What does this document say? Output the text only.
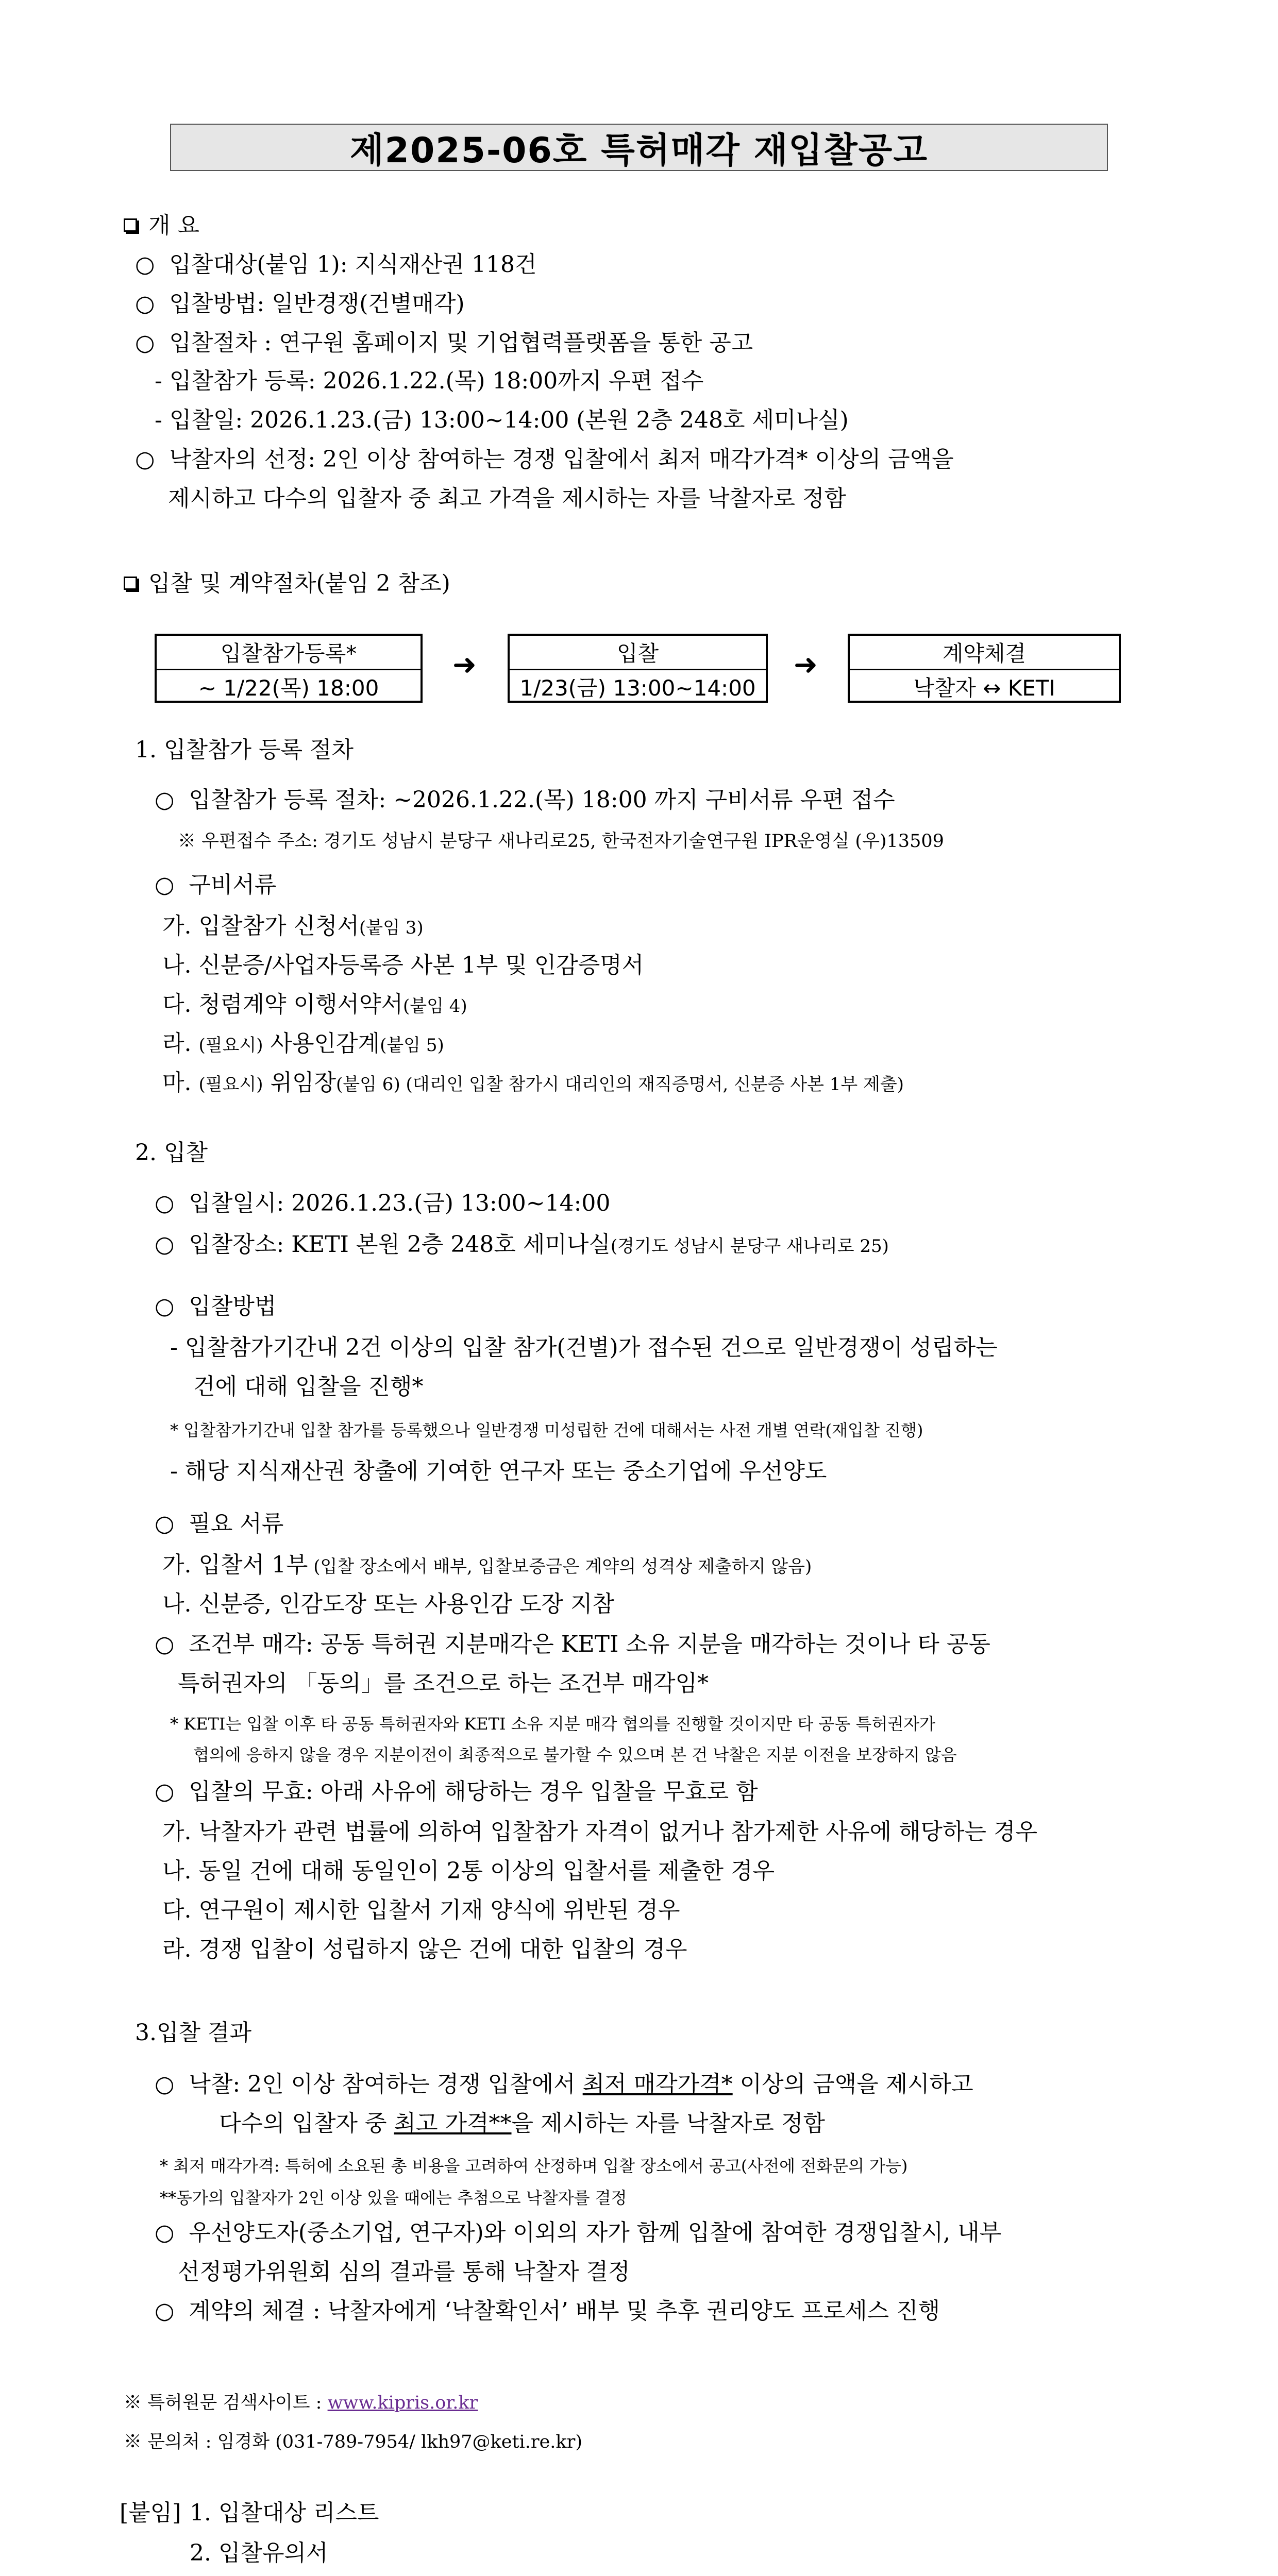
제2025-06호 특허매각 재입찰공고
개 요
○  입찰대상(붙임 1): 지식재산권 118건
○  입찰방법: 일반경쟁(건별매각)
○  입찰절차 : 연구원 홈페이지 및 기업협력플랫폼을 통한 공고
- 입찰참가 등록: 2026.1.22.(목) 18:00까지 우편 접수
- 입찰일: 2026.1.23.(금) 13:00~14:00 (본원 2층 248호 세미나실)
○  낙찰자의 선정: 2인 이상 참여하는 경쟁 입찰에서 최저 매각가격* 이상의 금액을
제시하고 다수의 입찰자 중 최고 가격을 제시하는 자를 낙찰자로 정함
입찰 및 계약절차(붙임 2 참조)
입찰참가등록*
~ 1/22(목) 18:00
➜	입찰
1/23(금) 13:00~14:00
➜	계약체결
낙찰자 ↔ KETI
1. 입찰참가 등록 절차
○  입찰참가 등록 절차: ~2026.1.22.(목) 18:00 까지 구비서류 우편 접수
※ 우편접수 주소: 경기도 성남시 분당구 새나리로25, 한국전자기술연구원 IPR운영실 (우)13509
○  구비서류
가. 입찰참가 신청서(붙임 3)
나. 신분증/사업자등록증 사본 1부 및 인감증명서
다. 청렴계약 이행서약서(붙임 4)
라. (필요시) 사용인감계(붙임 5)
마. (필요시) 위임장(붙임 6) (대리인 입찰 참가시 대리인의 재직증명서, 신분증 사본 1부 제출)
2. 입찰
○  입찰일시: 2026.1.23.(금) 13:00~14:00
○  입찰장소: KETI 본원 2층 248호 세미나실(경기도 성남시 분당구 새나리로 25)
○  입찰방법
- 입찰참가기간내 2건 이상의 입찰 참가(건별)가 접수된 건으로 일반경쟁이 성립하는
건에 대해 입찰을 진행*
* 입찰참가기간내 입찰 참가를 등록했으나 일반경쟁 미성립한 건에 대해서는 사전 개별 연락(재입찰 진행)
- 해당 지식재산권 창출에 기여한 연구자 또는 중소기업에 우선양도
○  필요 서류
가. 입찰서 1부 (입찰 장소에서 배부, 입찰보증금은 계약의 성격상 제출하지 않음)
나. 신분증, 인감도장 또는 사용인감 도장 지참
○  조건부 매각: 공동 특허권 지분매각은 KETI 소유 지분을 매각하는 것이나 타 공동
특허권자의 「동의」를 조건으로 하는 조건부 매각임*
* KETI는 입찰 이후 타 공동 특허권자와 KETI 소유 지분 매각 협의를 진행할 것이지만 타 공동 특허권자가
협의에 응하지 않을 경우 지분이전이 최종적으로 불가할 수 있으며 본 건 낙찰은 지분 이전을 보장하지 않음
○  입찰의 무효: 아래 사유에 해당하는 경우 입찰을 무효로 함
가. 낙찰자가 관련 법률에 의하여 입찰참가 자격이 없거나 참가제한 사유에 해당하는 경우
나. 동일 건에 대해 동일인이 2통 이상의 입찰서를 제출한 경우
다. 연구원이 제시한 입찰서 기재 양식에 위반된 경우
라. 경쟁 입찰이 성립하지 않은 건에 대한 입찰의 경우
3.입찰 결과
○  낙찰: 2인 이상 참여하는 경쟁 입찰에서 최저 매각가격* 이상의 금액을 제시하고
다수의 입찰자 중 최고 가격**을 제시하는 자를 낙찰자로 정함
* 최저 매각가격: 특허에 소요된 총 비용을 고려하여 산정하며 입찰 장소에서 공고(사전에 전화문의 가능)
**동가의 입찰자가 2인 이상 있을 때에는 추첨으로 낙찰자를 결정
○  우선양도자(중소기업, 연구자)와 이외의 자가 함께 입찰에 참여한 경쟁입찰시, 내부
선정평가위원회 심의 결과를 통해 낙찰자 결정
○  계약의 체결 : 낙찰자에게 ‘낙찰확인서’ 배부 및 추후 권리양도 프로세스 진행
※ 특허원문 검색사이트 : www.kipris.or.kr
※ 문의처 : 임경화 (031-789-7954/ lkh97@keti.re.kr)
[붙임] 1. 입찰대상 리스트
2. 입찰유의서
